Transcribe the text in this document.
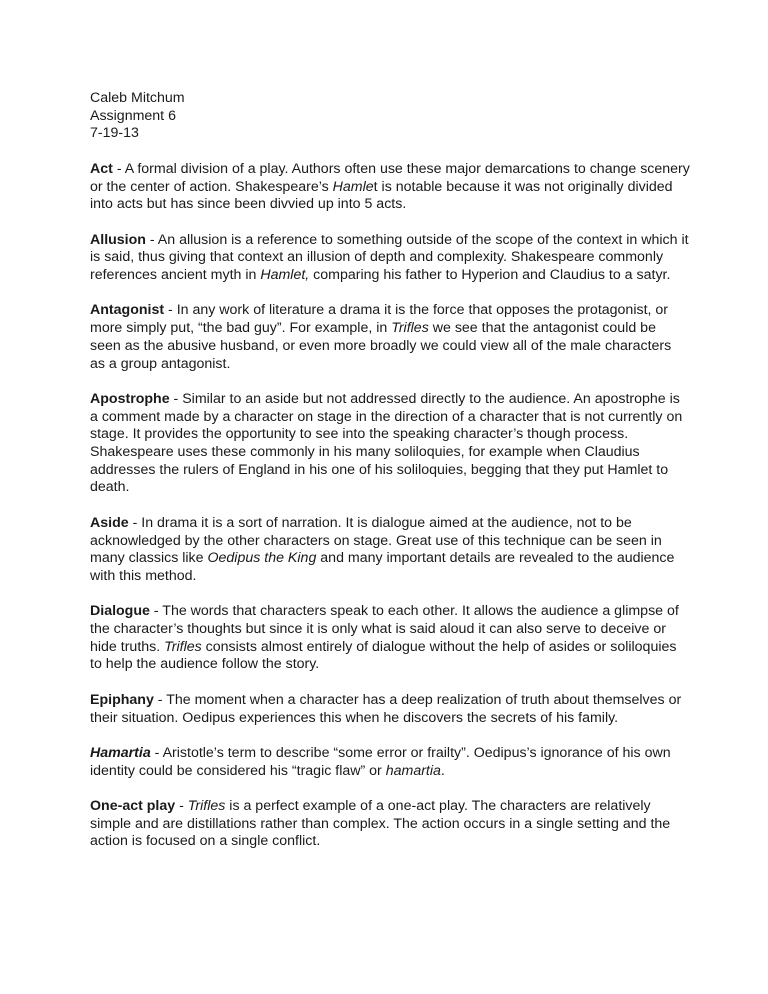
Caleb Mitchum
Assignment 6
7-19-13
Act - A formal division of a play. Authors often use these major demarcations to change scenery or the center of action. Shakespeare’s Hamlet is notable because it was not originally divided into acts but has since been divvied up into 5 acts.
Allusion - An allusion is a reference to something outside of the scope of the context in which it is said, thus giving that context an illusion of depth and complexity. Shakespeare commonly references ancient myth in Hamlet, comparing his father to Hyperion and Claudius to a satyr.
Antagonist - In any work of literature a drama it is the force that opposes the protagonist, or more simply put, “the bad guy”. For example, in Trifles we see that the antagonist could be seen as the abusive husband, or even more broadly we could view all of the male characters as a group antagonist.
Apostrophe - Similar to an aside but not addressed directly to the audience. An apostrophe is a comment made by a character on stage in the direction of a character that is not currently on stage. It provides the opportunity to see into the speaking character’s though process. Shakespeare uses these commonly in his many soliloquies, for example when Claudius addresses the rulers of England in his one of his soliloquies, begging that they put Hamlet to death.
Aside - In drama it is a sort of narration. It is dialogue aimed at the audience, not to be acknowledged by the other characters on stage. Great use of this technique can be seen in many classics like Oedipus the King and many important details are revealed to the audience with this method.
Dialogue - The words that characters speak to each other. It allows the audience a glimpse of the character’s thoughts but since it is only what is said aloud it can also serve to deceive or hide truths. Trifles consists almost entirely of dialogue without the help of asides or soliloquies to help the audience follow the story.
Epiphany - The moment when a character has a deep realization of truth about themselves or their situation. Oedipus experiences this when he discovers the secrets of his family.
Hamartia - Aristotle’s term to describe “some error or frailty”. Oedipus’s ignorance of his own identity could be considered his “tragic flaw” or hamartia.
One-act play - Trifles is a perfect example of a one-act play. The characters are relatively simple and are distillations rather than complex. The action occurs in a single setting and the action is focused on a single conflict.
